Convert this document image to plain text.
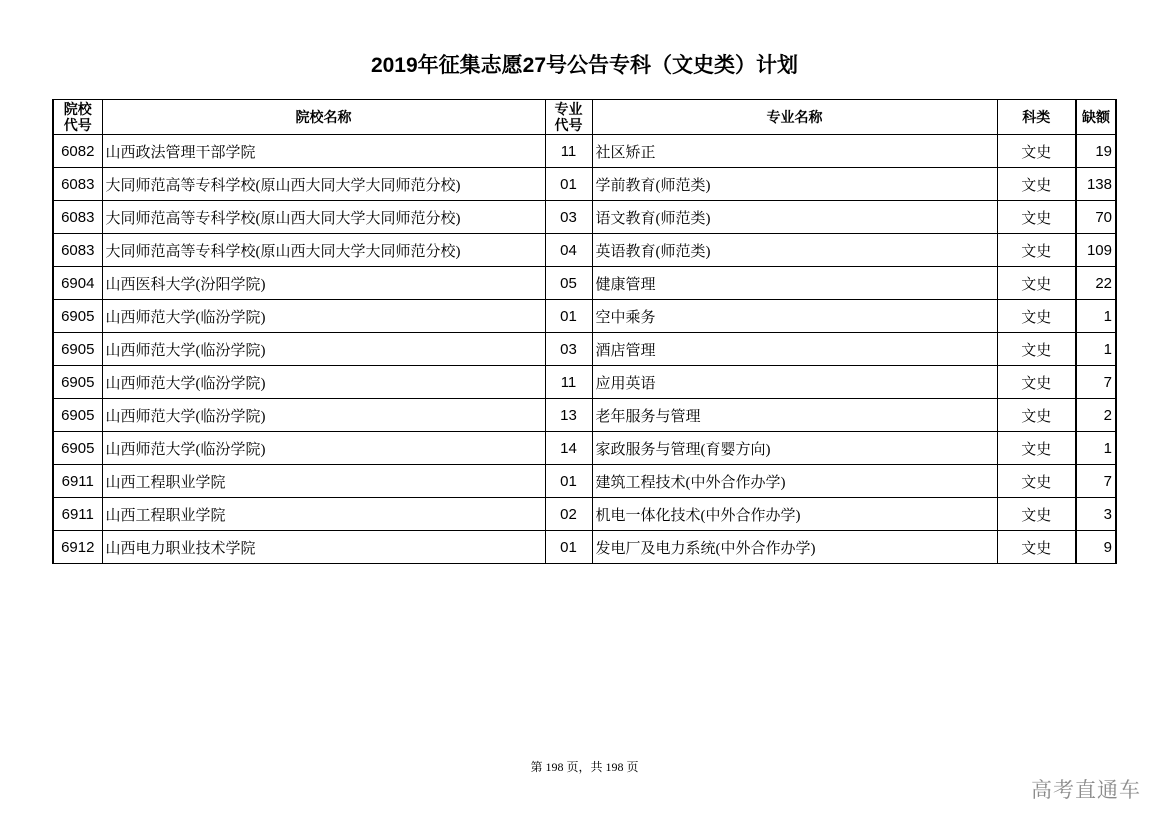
2019年征集志愿27号公告专科（文史类）计划
院校代号	院校名称	专业代号	专业名称	科类	缺额
6082	山西政法管理干部学院	11	社区矫正	文史	19
6083	大同师范高等专科学校(原山西大同大学大同师范分校)	01	学前教育(师范类)	文史	138
6083	大同师范高等专科学校(原山西大同大学大同师范分校)	03	语文教育(师范类)	文史	70
6083	大同师范高等专科学校(原山西大同大学大同师范分校)	04	英语教育(师范类)	文史	109
6904	山西医科大学(汾阳学院)	05	健康管理	文史	22
6905	山西师范大学(临汾学院)	01	空中乘务	文史	1
6905	山西师范大学(临汾学院)	03	酒店管理	文史	1
6905	山西师范大学(临汾学院)	11	应用英语	文史	7
6905	山西师范大学(临汾学院)	13	老年服务与管理	文史	2
6905	山西师范大学(临汾学院)	14	家政服务与管理(育婴方向)	文史	1
6911	山西工程职业学院	01	建筑工程技术(中外合作办学)	文史	7
6911	山西工程职业学院	02	机电一体化技术(中外合作办学)	文史	3
6912	山西电力职业技术学院	01	发电厂及电力系统(中外合作办学)	文史	9
第 198 页，共 198 页
高考直通车
